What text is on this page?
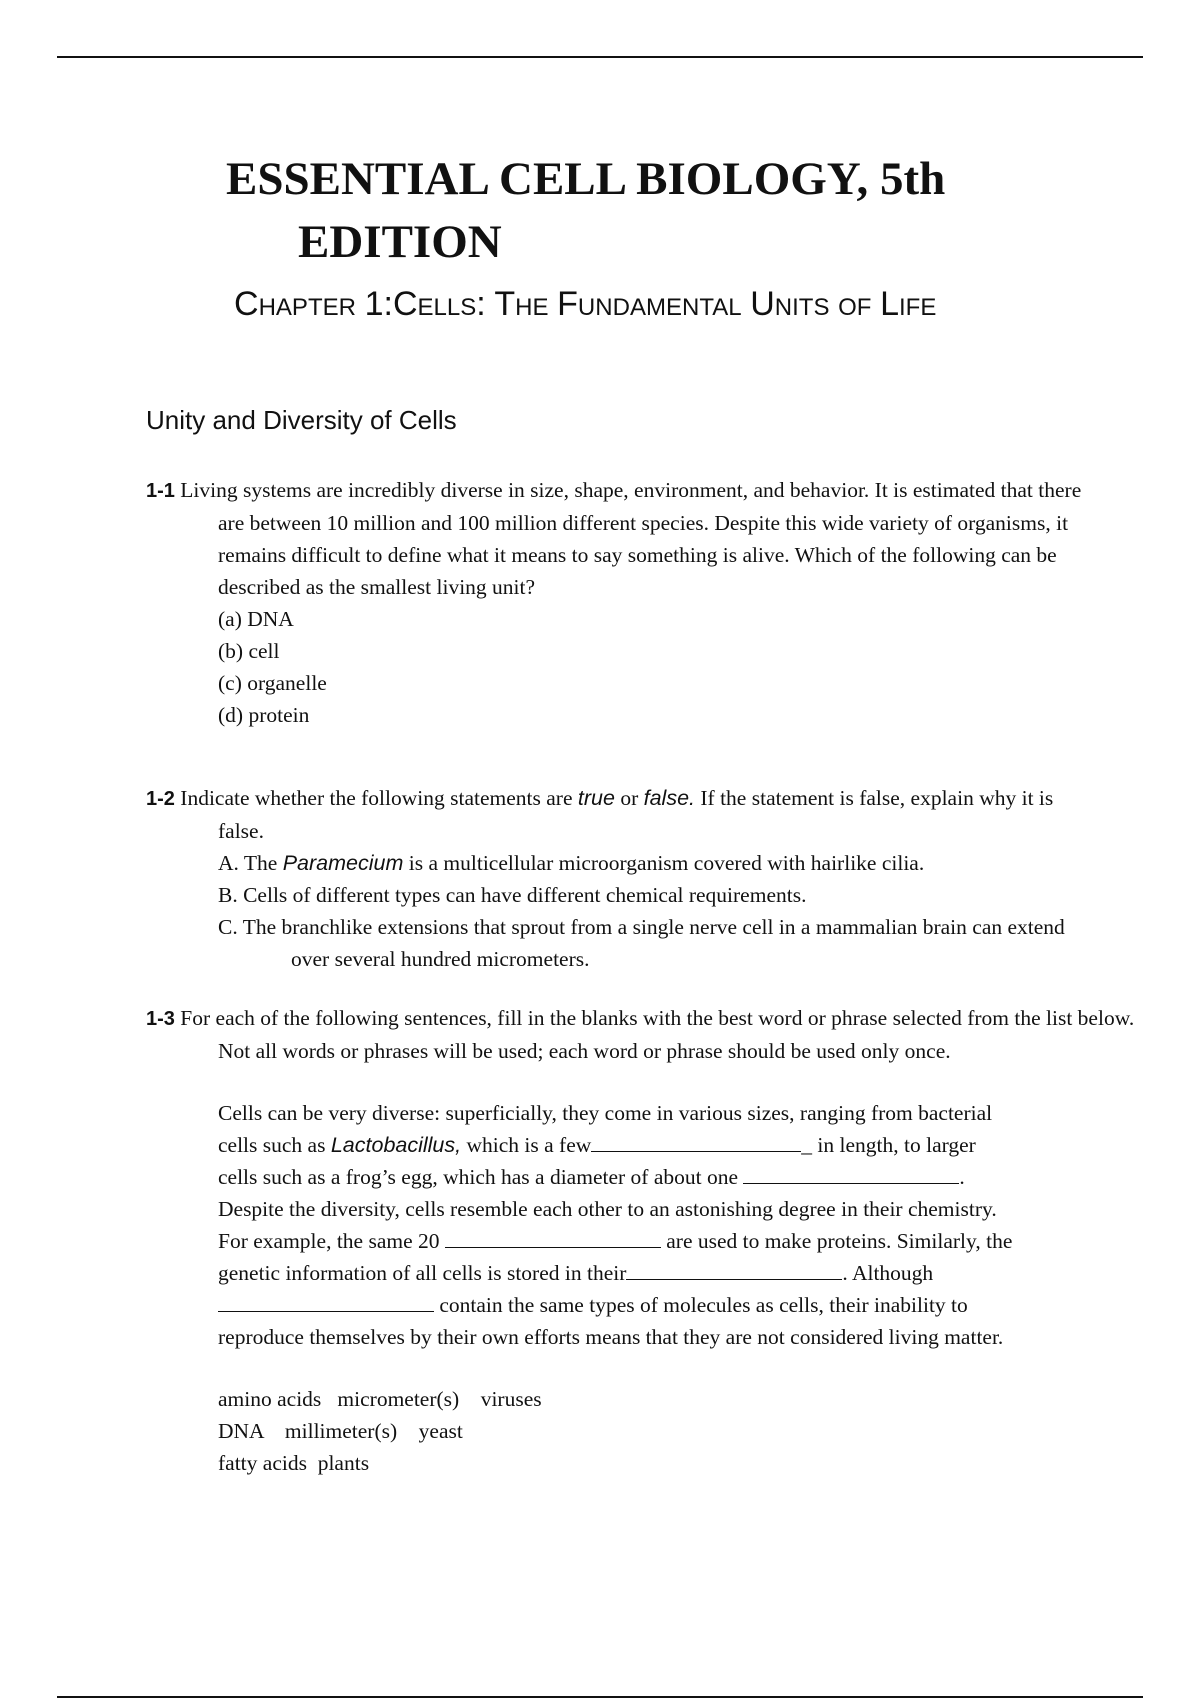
ESSENTIAL CELL BIOLOGY, 5th EDITION
CHAPTER 1:CELLS: THE FUNDAMENTAL UNITS OF LIFE
Unity and Diversity of Cells

1-1 Living systems are incredibly diverse in size, shape, environment, and behavior. It is estimated that there are between 10 million and 100 million different species. Despite this wide variety of organisms, it remains difficult to define what it means to say something is alive. Which of the following can be described as the smallest living unit?

(a) DNA
(b) cell
(c) organelle
(d) protein

1-2 Indicate whether the following statements are true or false. If the statement is false, explain why it is false.

A. The Paramecium is a multicellular microorganism covered with hairlike cilia.
B. Cells of different types can have different chemical requirements.
C. The branchlike extensions that sprout from a single nerve cell in a mammalian brain can extend over several hundred micrometers.

1-3 For each of the following sentences, fill in the blanks with the best word or phrase selected from the list below. Not all words or phrases will be used; each word or phrase should be used only once.

Cells can be very diverse: superficially, they come in various sizes, ranging from bacterial cells such as Lactobacillus, which is a few	_ in length, to larger cells such as a frog’s egg, which has a diameter of about one	. Despite the diversity, cells resemble each other to an astonishing degree in their chemistry. For example, the same 20	are used to make proteins. Similarly, the genetic information of all cells is stored in their	. Although  contain the same types of molecules as cells, their inability to reproduce themselves by their own efforts means that they are not considered living matter.
amino acids micrometer(s) viruses
DNA millimeter(s) yeast
fatty acids plants
